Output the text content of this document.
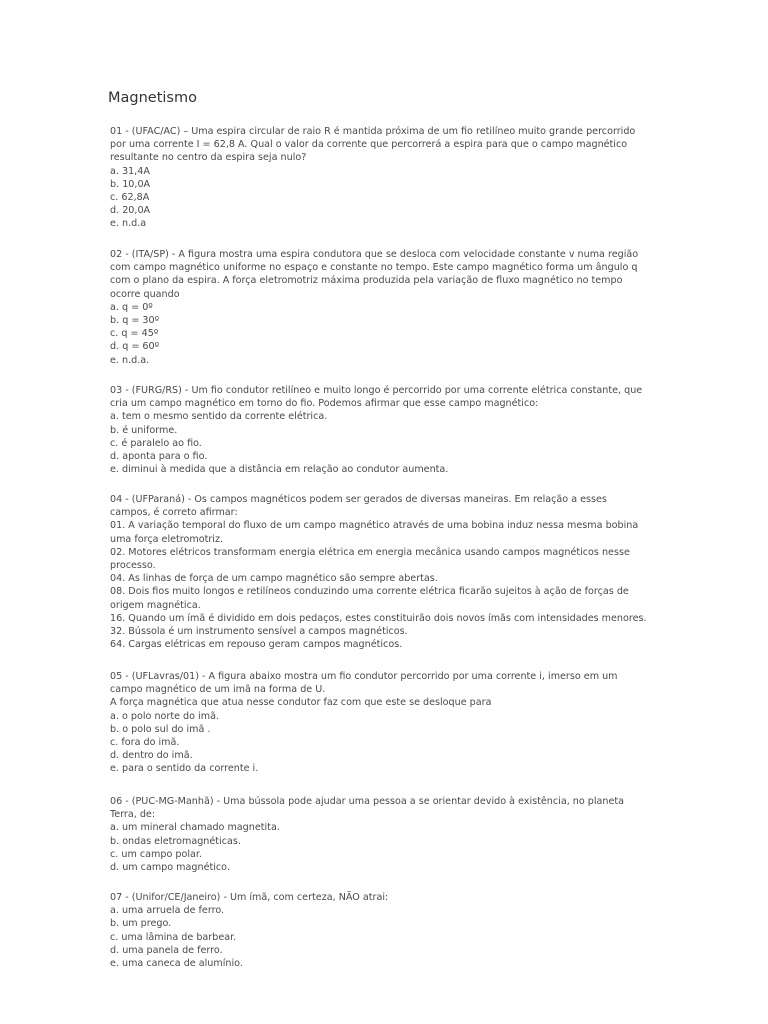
Magnetismo
01 - (UFAC/AC) – Uma espira circular de raio R é mantida próxima de um fio retilíneo muito grande percorrido
por uma corrente I = 62,8 A. Qual o valor da corrente que percorrerá a espira para que o campo magnético
resultante no centro da espira seja nulo?
a. 31,4A
b. 10,0A
c. 62,8A
d. 20,0A
e. n.d.a
02 - (ITA/SP) - A figura mostra uma espira condutora que se desloca com velocidade constante v numa região
com campo magnético uniforme no espaço e constante no tempo. Este campo magnético forma um ângulo q
com o plano da espira. A força eletromotriz máxima produzida pela variação de fluxo magnético no tempo
ocorre quando
a. q = 0º
b. q = 30º
c. q = 45º
d. q = 60º
e. n.d.a.
03 - (FURG/RS) - Um fio condutor retilíneo e muito longo é percorrido por uma corrente elétrica constante, que
cria um campo magnético em torno do fio. Podemos afirmar que esse campo magnético:
a. tem o mesmo sentido da corrente elétrica.
b. é uniforme.
c. é paralelo ao fio.
d. aponta para o fio.
e. diminui à medida que a distância em relação ao condutor aumenta.
04 - (UFParaná) - Os campos magnéticos podem ser gerados de diversas maneiras. Em relação a esses
campos, é correto afirmar:
01. A variação temporal do fluxo de um campo magnético através de uma bobina induz nessa mesma bobina
uma força eletromotriz.
02. Motores elétricos transformam energia elétrica em energia mecânica usando campos magnéticos nesse
processo.
04. As linhas de força de um campo magnético são sempre abertas.
08. Dois fios muito longos e retilíneos conduzindo uma corrente elétrica ficarão sujeitos à ação de forças de
origem magnética.
16. Quando um ímã é dividido em dois pedaços, estes constituirão dois novos ímãs com intensidades menores.
32. Bússola é um instrumento sensível a campos magnéticos.
64. Cargas elétricas em repouso geram campos magnéticos.
05 - (UFLavras/01) - A figura abaixo mostra um fio condutor percorrido por uma corrente i, imerso em um
campo magnético de um imã na forma de U.
A força magnética que atua nesse condutor faz com que este se desloque para
a. o polo norte do imã.
b. o polo sul do imã .
c. fora do imã.
d. dentro do imã.
e. para o sentido da corrente i.
06 - (PUC-MG-Manhã) - Uma bússola pode ajudar uma pessoa a se orientar devido à existência, no planeta
Terra, de:
a. um mineral chamado magnetita.
b. ondas eletromagnéticas.
c. um campo polar.
d. um campo magnético.
07 - (Unifor/CE/Janeiro) - Um ímã, com certeza, NÃO atrai:
a. uma arruela de ferro.
b. um prego.
c. uma lâmina de barbear.
d. uma panela de ferro.
e. uma caneca de alumínio.
